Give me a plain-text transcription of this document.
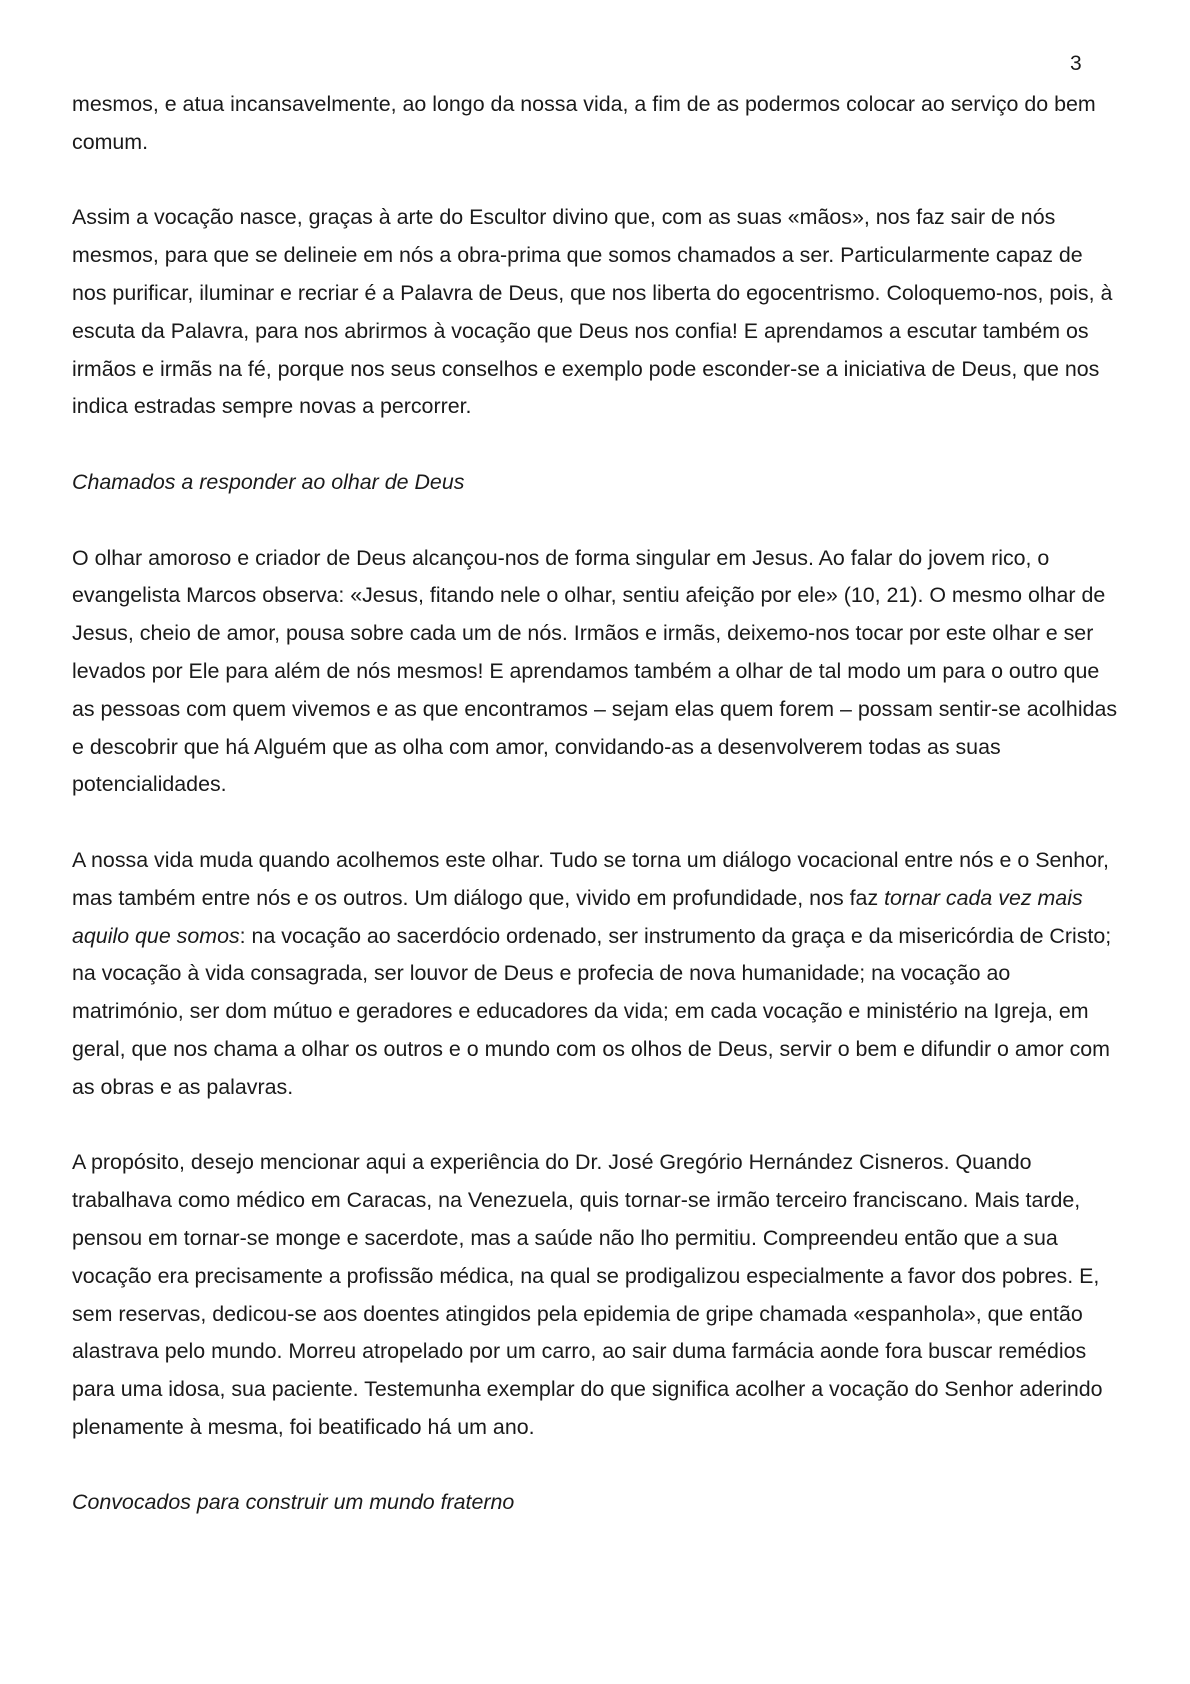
3

mesmos, e atua incansavelmente, ao longo da nossa vida, a fim de as podermos colocar ao serviço do bem comum.

Assim a vocação nasce, graças à arte do Escultor divino que, com as suas «mãos», nos faz sair de nós mesmos, para que se delineie em nós a obra-prima que somos chamados a ser. Particularmente capaz de nos purificar, iluminar e recriar é a Palavra de Deus, que nos liberta do egocentrismo. Coloquemo-nos, pois, à escuta da Palavra, para nos abrirmos à vocação que Deus nos confia! E aprendamos a escutar também os irmãos e irmãs na fé, porque nos seus conselhos e exemplo pode esconder-se a iniciativa de Deus, que nos indica estradas sempre novas a percorrer.

Chamados a responder ao olhar de Deus

O olhar amoroso e criador de Deus alcançou-nos de forma singular em Jesus. Ao falar do jovem rico, o evangelista Marcos observa: «Jesus, fitando nele o olhar, sentiu afeição por ele» (10, 21). O mesmo olhar de Jesus, cheio de amor, pousa sobre cada um de nós. Irmãos e irmãs, deixemo-nos tocar por este olhar e ser levados por Ele para além de nós mesmos! E aprendamos também a olhar de tal modo um para o outro que as pessoas com quem vivemos e as que encontramos – sejam elas quem forem – possam sentir-se acolhidas e descobrir que há Alguém que as olha com amor, convidando-as a desenvolverem todas as suas potencialidades.

A nossa vida muda quando acolhemos este olhar. Tudo se torna um diálogo vocacional entre nós e o Senhor, mas também entre nós e os outros. Um diálogo que, vivido em profundidade, nos faz tornar cada vez mais aquilo que somos: na vocação ao sacerdócio ordenado, ser instrumento da graça e da misericórdia de Cristo; na vocação à vida consagrada, ser louvor de Deus e profecia de nova humanidade; na vocação ao matrimónio, ser dom mútuo e geradores e educadores da vida; em cada vocação e ministério na Igreja, em geral, que nos chama a olhar os outros e o mundo com os olhos de Deus, servir o bem e difundir o amor com as obras e as palavras.

A propósito, desejo mencionar aqui a experiência do Dr. José Gregório Hernández Cisneros. Quando trabalhava como médico em Caracas, na Venezuela, quis tornar-se irmão terceiro franciscano. Mais tarde, pensou em tornar-se monge e sacerdote, mas a saúde não lho permitiu. Compreendeu então que a sua vocação era precisamente a profissão médica, na qual se prodigalizou especialmente a favor dos pobres. E, sem reservas, dedicou-se aos doentes atingidos pela epidemia de gripe chamada «espanhola», que então alastrava pelo mundo. Morreu atropelado por um carro, ao sair duma farmácia aonde fora buscar remédios para uma idosa, sua paciente. Testemunha exemplar do que significa acolher a vocação do Senhor aderindo plenamente à mesma, foi beatificado há um ano.

Convocados para construir um mundo fraterno
